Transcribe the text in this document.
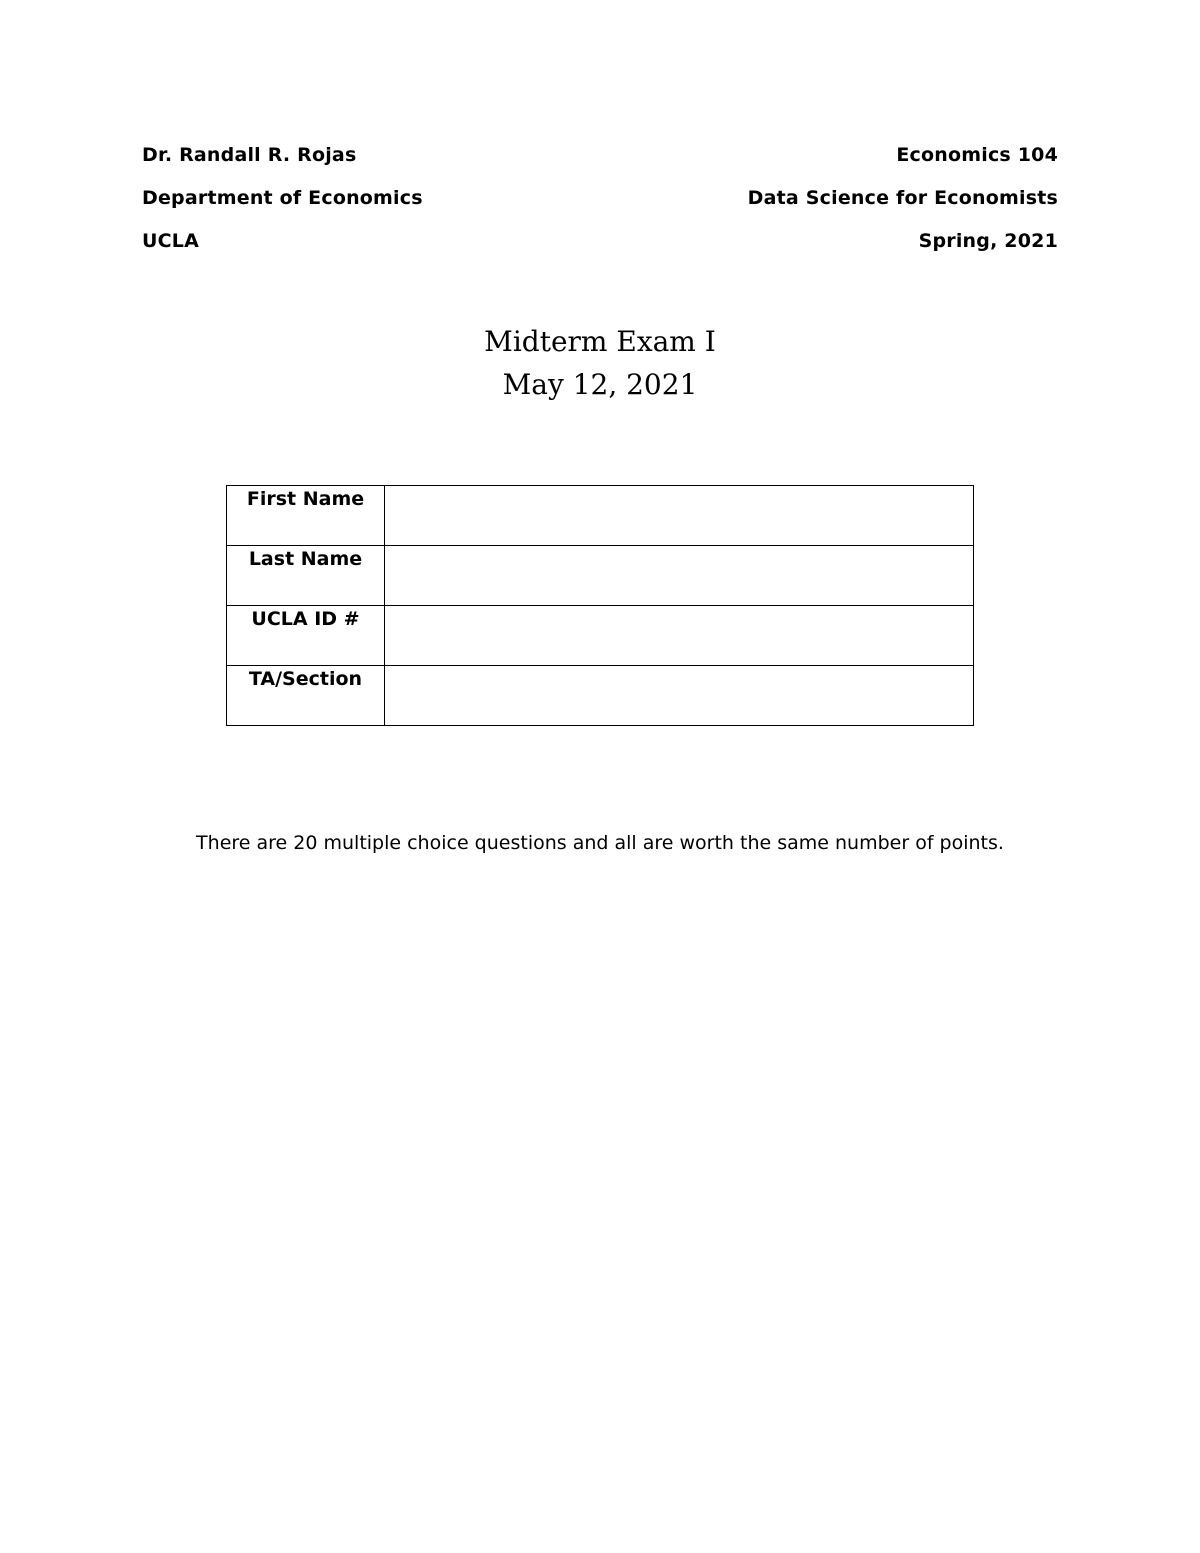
Dr. Randall R. Rojas	Economics 104
Department of Economics	Data Science for Economists
UCLA	Spring, 2021
Midterm Exam I
May 12, 2021
First Name	
Last Name	
UCLA ID #	
TA/Section	
There are 20 multiple choice questions and all are worth the same number of points.
